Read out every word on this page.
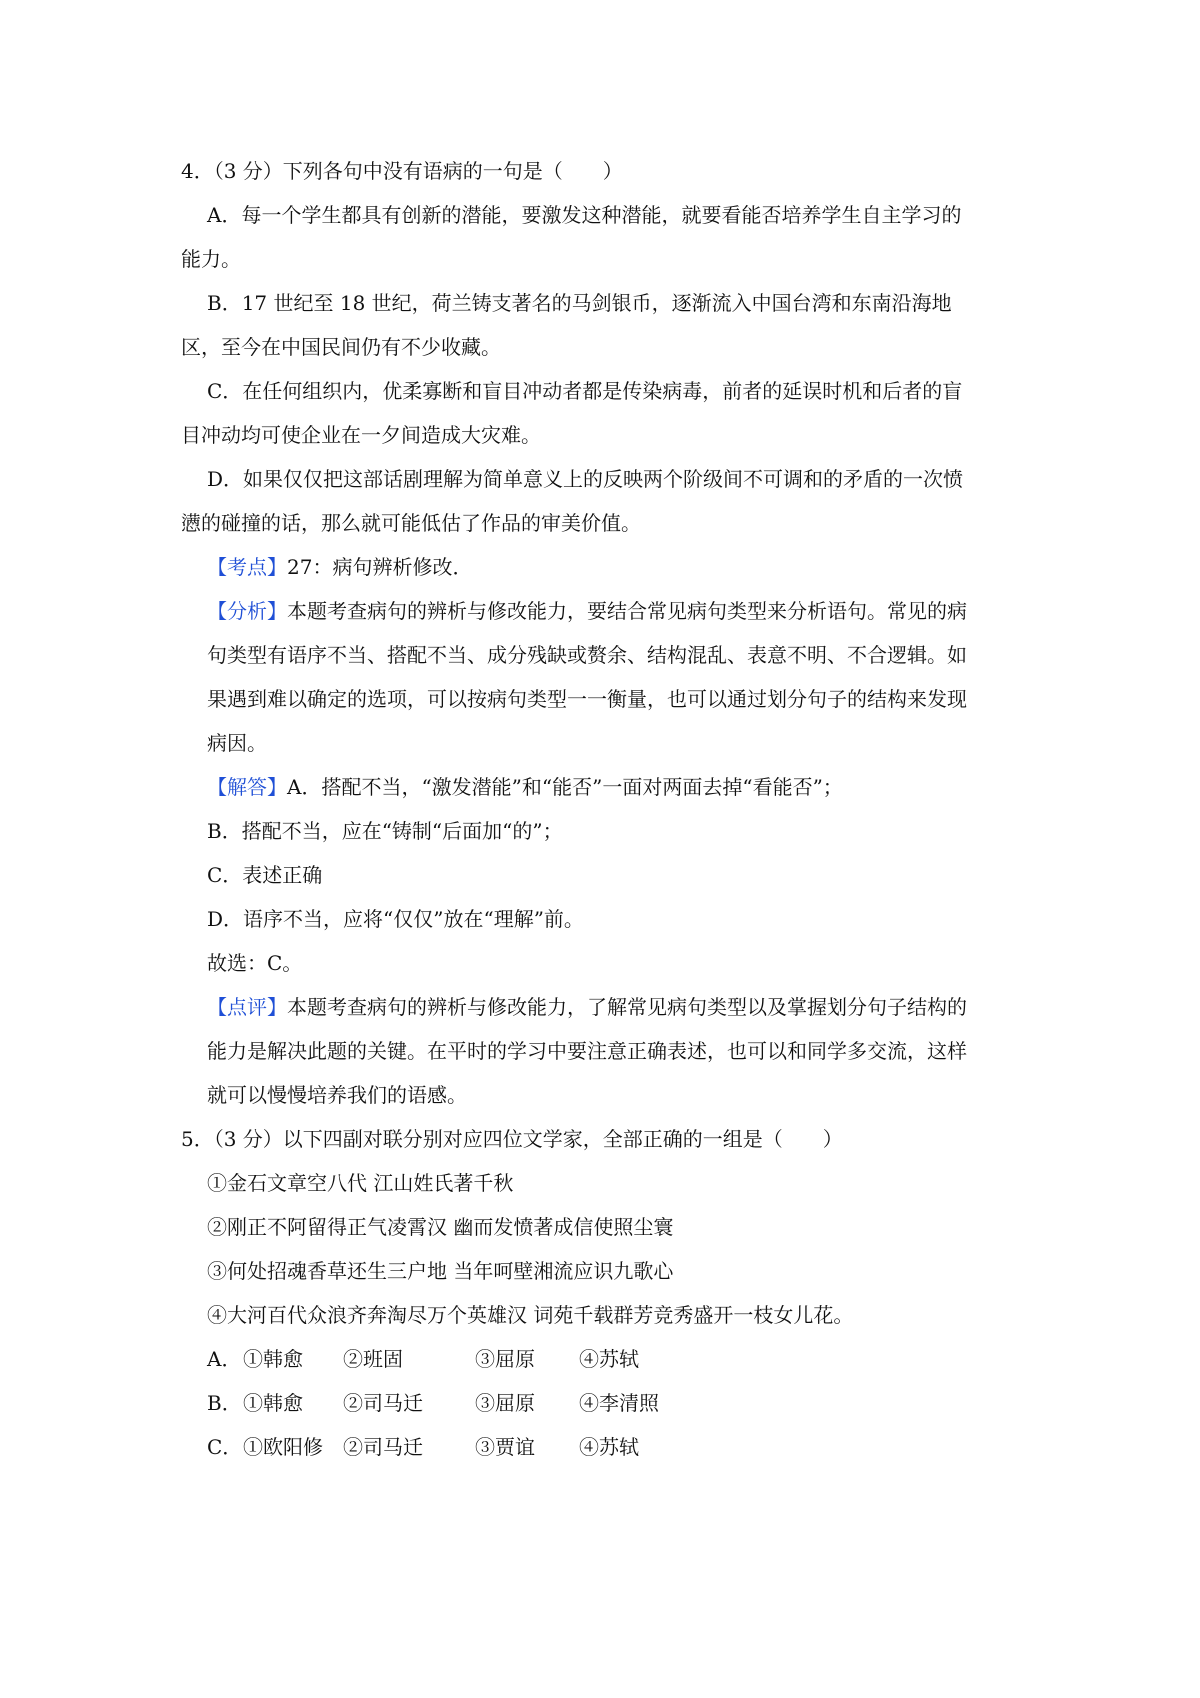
4．（3 分）下列各句中没有语病的一句是（　　）
A．每一个学生都具有创新的潜能，要激发这种潜能，就要看能否培养学生自主学习的
能力。
B．17 世纪至 18 世纪，荷兰铸支著名的马剑银币，逐渐流入中国台湾和东南沿海地
区，至今在中国民间仍有不少收藏。
C．在任何组织内，优柔寡断和盲目冲动者都是传染病毒，前者的延误时机和后者的盲
目冲动均可使企业在一夕间造成大灾难。
D．如果仅仅把这部话剧理解为简单意义上的反映两个阶级间不可调和的矛盾的一次愤
懑的碰撞的话，那么就可能低估了作品的审美价值。
【考点】27：病句辨析修改．
【分析】本题考查病句的辨析与修改能力，要结合常见病句类型来分析语句。常见的病
句类型有语序不当、搭配不当、成分残缺或赘余、结构混乱、表意不明、不合逻辑。如
果遇到难以确定的选项，可以按病句类型一一衡量，也可以通过划分句子的结构来发现
病因。
【解答】A．搭配不当，“激发潜能”和“能否”一面对两面去掉“看能否”；
B．搭配不当，应在“铸制“后面加“的”；
C．表述正确
D．语序不当，应将“仅仅”放在“理解”前。
故选：C。
【点评】本题考查病句的辨析与修改能力，了解常见病句类型以及掌握划分句子结构的
能力是解决此题的关键。在平时的学习中要注意正确表述，也可以和同学多交流，这样
就可以慢慢培养我们的语感。
5．（3 分）以下四副对联分别对应四位文学家，全部正确的一组是（　　）
①金石文章空八代 江山姓氏著千秋
②刚正不阿留得正气凌霄汉 幽而发愤著成信使照尘寰
③何处招魂香草还生三户地 当年呵壁湘流应识九歌心
④大河百代众浪齐奔淘尽万个英雄汉 词苑千载群芳竞秀盛开一枝女儿花。
A．①韩愈 ②班固	③屈原 ④苏轼
B．①韩愈 ②司马迁	③屈原 ④李清照
C．①欧阳修 ②司马迁	③贾谊 ④苏轼
